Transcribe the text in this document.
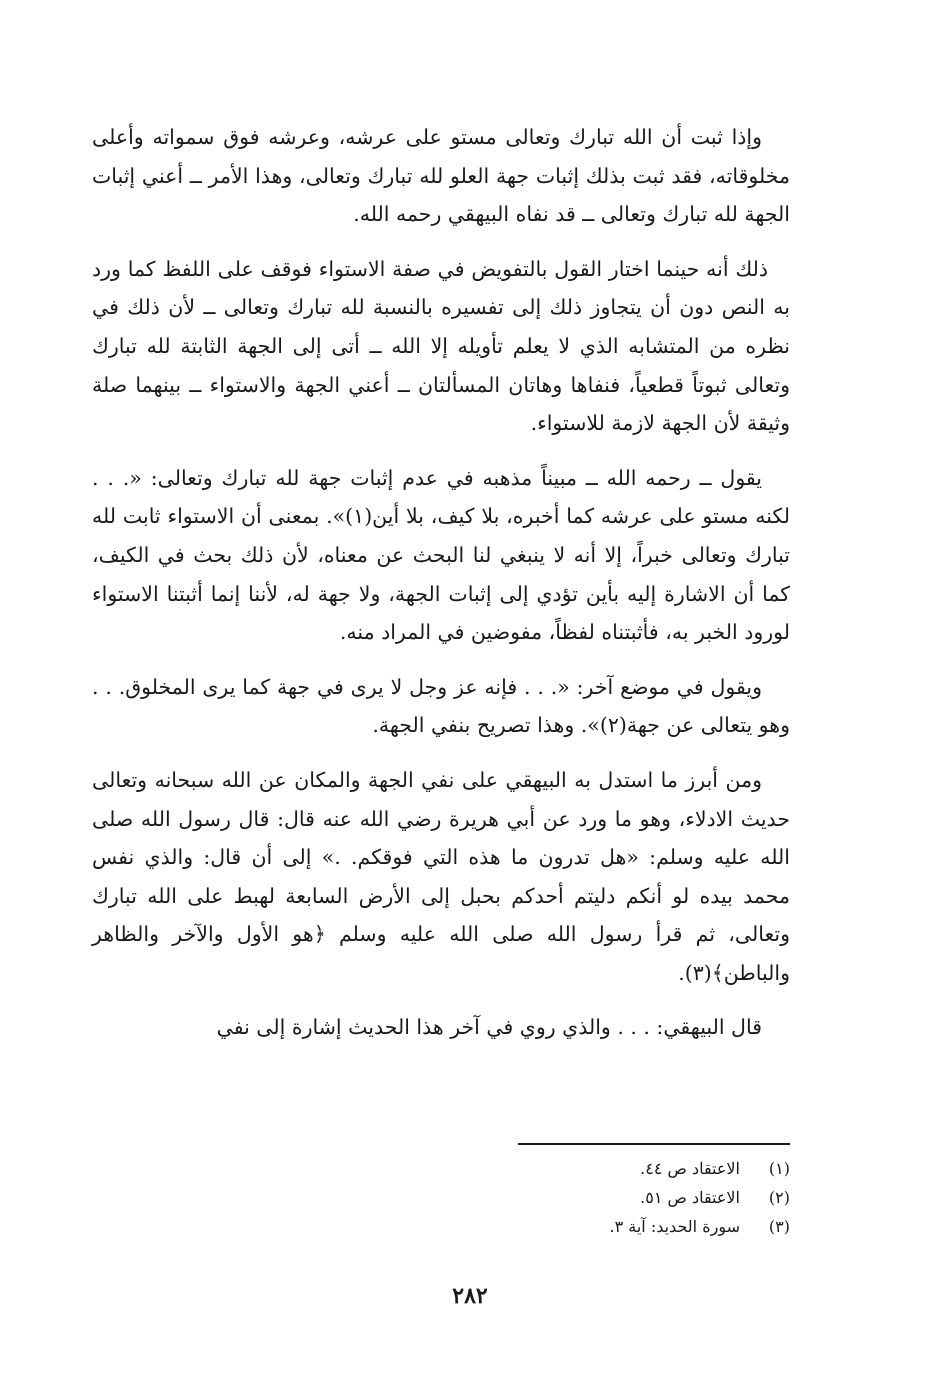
وإذا ثبت أن الله تبارك وتعالى مستو على عرشه، وعرشه فوق سمواته وأعلى مخلوقاته، فقد ثبت بذلك إثبات جهة العلو لله تبارك وتعالى، وهذا الأمر ــ أعني إثبات الجهة لله تبارك وتعالى ــ قد نفاه البيهقي رحمه الله.

ذلك أنه حينما اختار القول بالتفويض في صفة الاستواء فوقف على اللفظ كما ورد به النص دون أن يتجاوز ذلك إلى تفسيره بالنسبة لله تبارك وتعالى ــ لأن ذلك في نظره من المتشابه الذي لا يعلم تأويله إلا الله ــ أتى إلى الجهة الثابتة لله تبارك وتعالى ثبوتاً قطعياً، فنفاها وهاتان المسألتان ــ أعني الجهة والاستواء ــ بينهما صلة وثيقة لأن الجهة لازمة للاستواء.

يقول ــ رحمه الله ــ مبيناً مذهبه في عدم إثبات جهة لله تبارك وتعالى: «. . . لكنه مستو على عرشه كما أخبره، بلا كيف، بلا أين(١)». بمعنى أن الاستواء ثابت لله تبارك وتعالى خبراً، إلا أنه لا ينبغي لنا البحث عن معناه، لأن ذلك بحث في الكيف، كما أن الاشارة إليه بأين تؤدي إلى إثبات الجهة، ولا جهة له، لأننا إنما أثبتنا الاستواء لورود الخبر به، فأثبتناه لفظاً، مفوضين في المراد منه.

ويقول في موضع آخر: «. . . فإنه عز وجل لا يرى في جهة كما يرى المخلوق. . . وهو يتعالى عن جهة(٢)». وهذا تصريح بنفي الجهة.

ومن أبرز ما استدل به البيهقي على نفي الجهة والمكان عن الله سبحانه وتعالى حديث الادلاء، وهو ما ورد عن أبي هريرة رضي الله عنه قال: قال رسول الله صلى الله عليه وسلم: «هل تدرون ما هذه التي فوقكم. .» إلى أن قال: والذي نفس محمد بيده لو أنكم دليتم أحدكم بحبل إلى الأرض السابعة لهبط على الله تبارك وتعالى، ثم قرأ رسول الله صلى الله عليه وسلم ﴿هو الأول والآخر والظاهر والباطن﴾(٣).

قال البيهقي: . . . والذي روي في آخر هذا الحديث إشارة إلى نفي

(١)
الاعتقاد ص ٤٤.
(٢)
الاعتقاد ص ٥١.
(٣)
سورة الحديد: آية ٣.
٢٨٢
